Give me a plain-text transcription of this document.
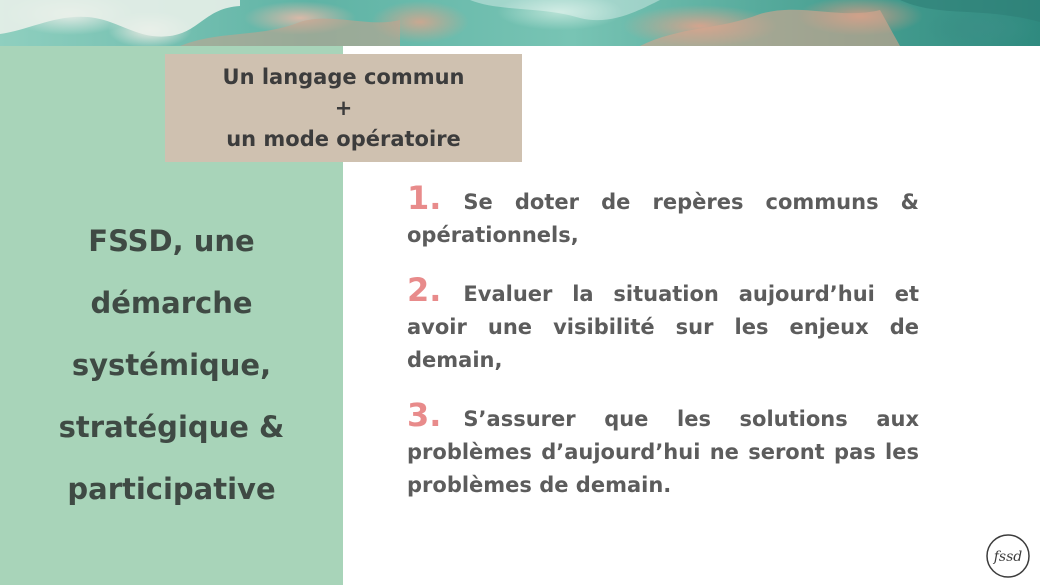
Un langage commun
+
un mode opératoire
FSSD, une
démarche
systémique,
stratégique &
participative
1. Se doter de repères communs & opérationnels,
2. Evaluer la situation aujourd’hui et avoir une visibilité sur les enjeux de demain,
3. S’assurer que les solutions aux problèmes d’aujourd’hui ne seront pas les problèmes de demain.
fssd
